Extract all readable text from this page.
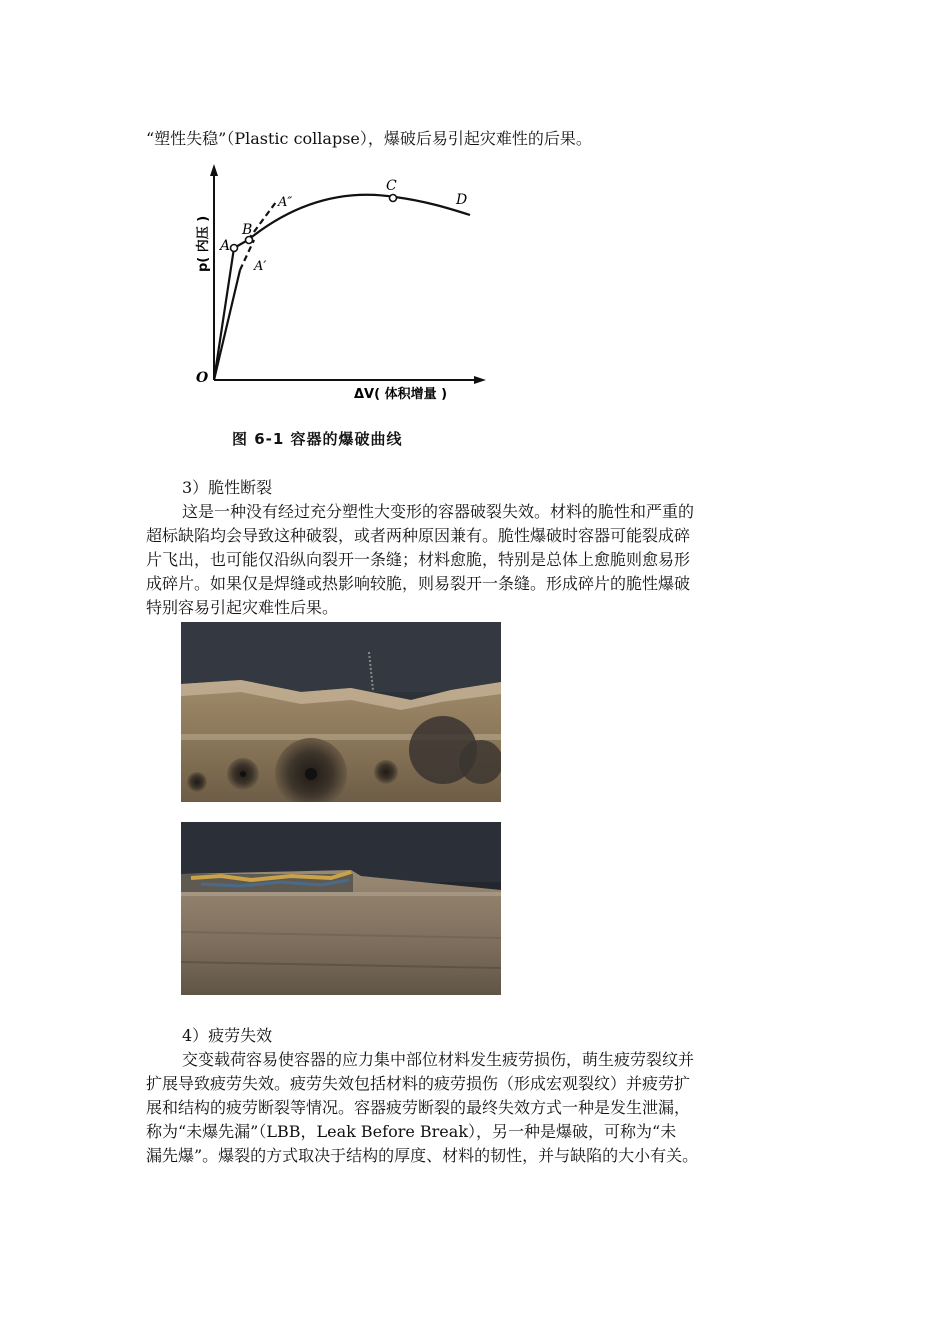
“塑性失稳”（Plastic collapse），爆破后易引起灾难性的后果。
A
B
C
D
A′
A″
O
p( 内压 )
ΔV( 体积增量 )
图 6-1 容器的爆破曲线
3）脆性断裂
这是一种没有经过充分塑性大变形的容器破裂失效。材料的脆性和严重的
超标缺陷均会导致这种破裂，或者两种原因兼有。脆性爆破时容器可能裂成碎
片飞出，也可能仅沿纵向裂开一条缝；材料愈脆，特别是总体上愈脆则愈易形
成碎片。如果仅是焊缝或热影响较脆，则易裂开一条缝。形成碎片的脆性爆破
特别容易引起灾难性后果。
4）疲劳失效
交变载荷容易使容器的应力集中部位材料发生疲劳损伤，萌生疲劳裂纹并
扩展导致疲劳失效。疲劳失效包括材料的疲劳损伤（形成宏观裂纹）并疲劳扩
展和结构的疲劳断裂等情况。容器疲劳断裂的最终失效方式一种是发生泄漏，
称为“未爆先漏”（LBB，Leak Before Break），另一种是爆破，可称为“未
漏先爆”。爆裂的方式取决于结构的厚度、材料的韧性，并与缺陷的大小有关。
